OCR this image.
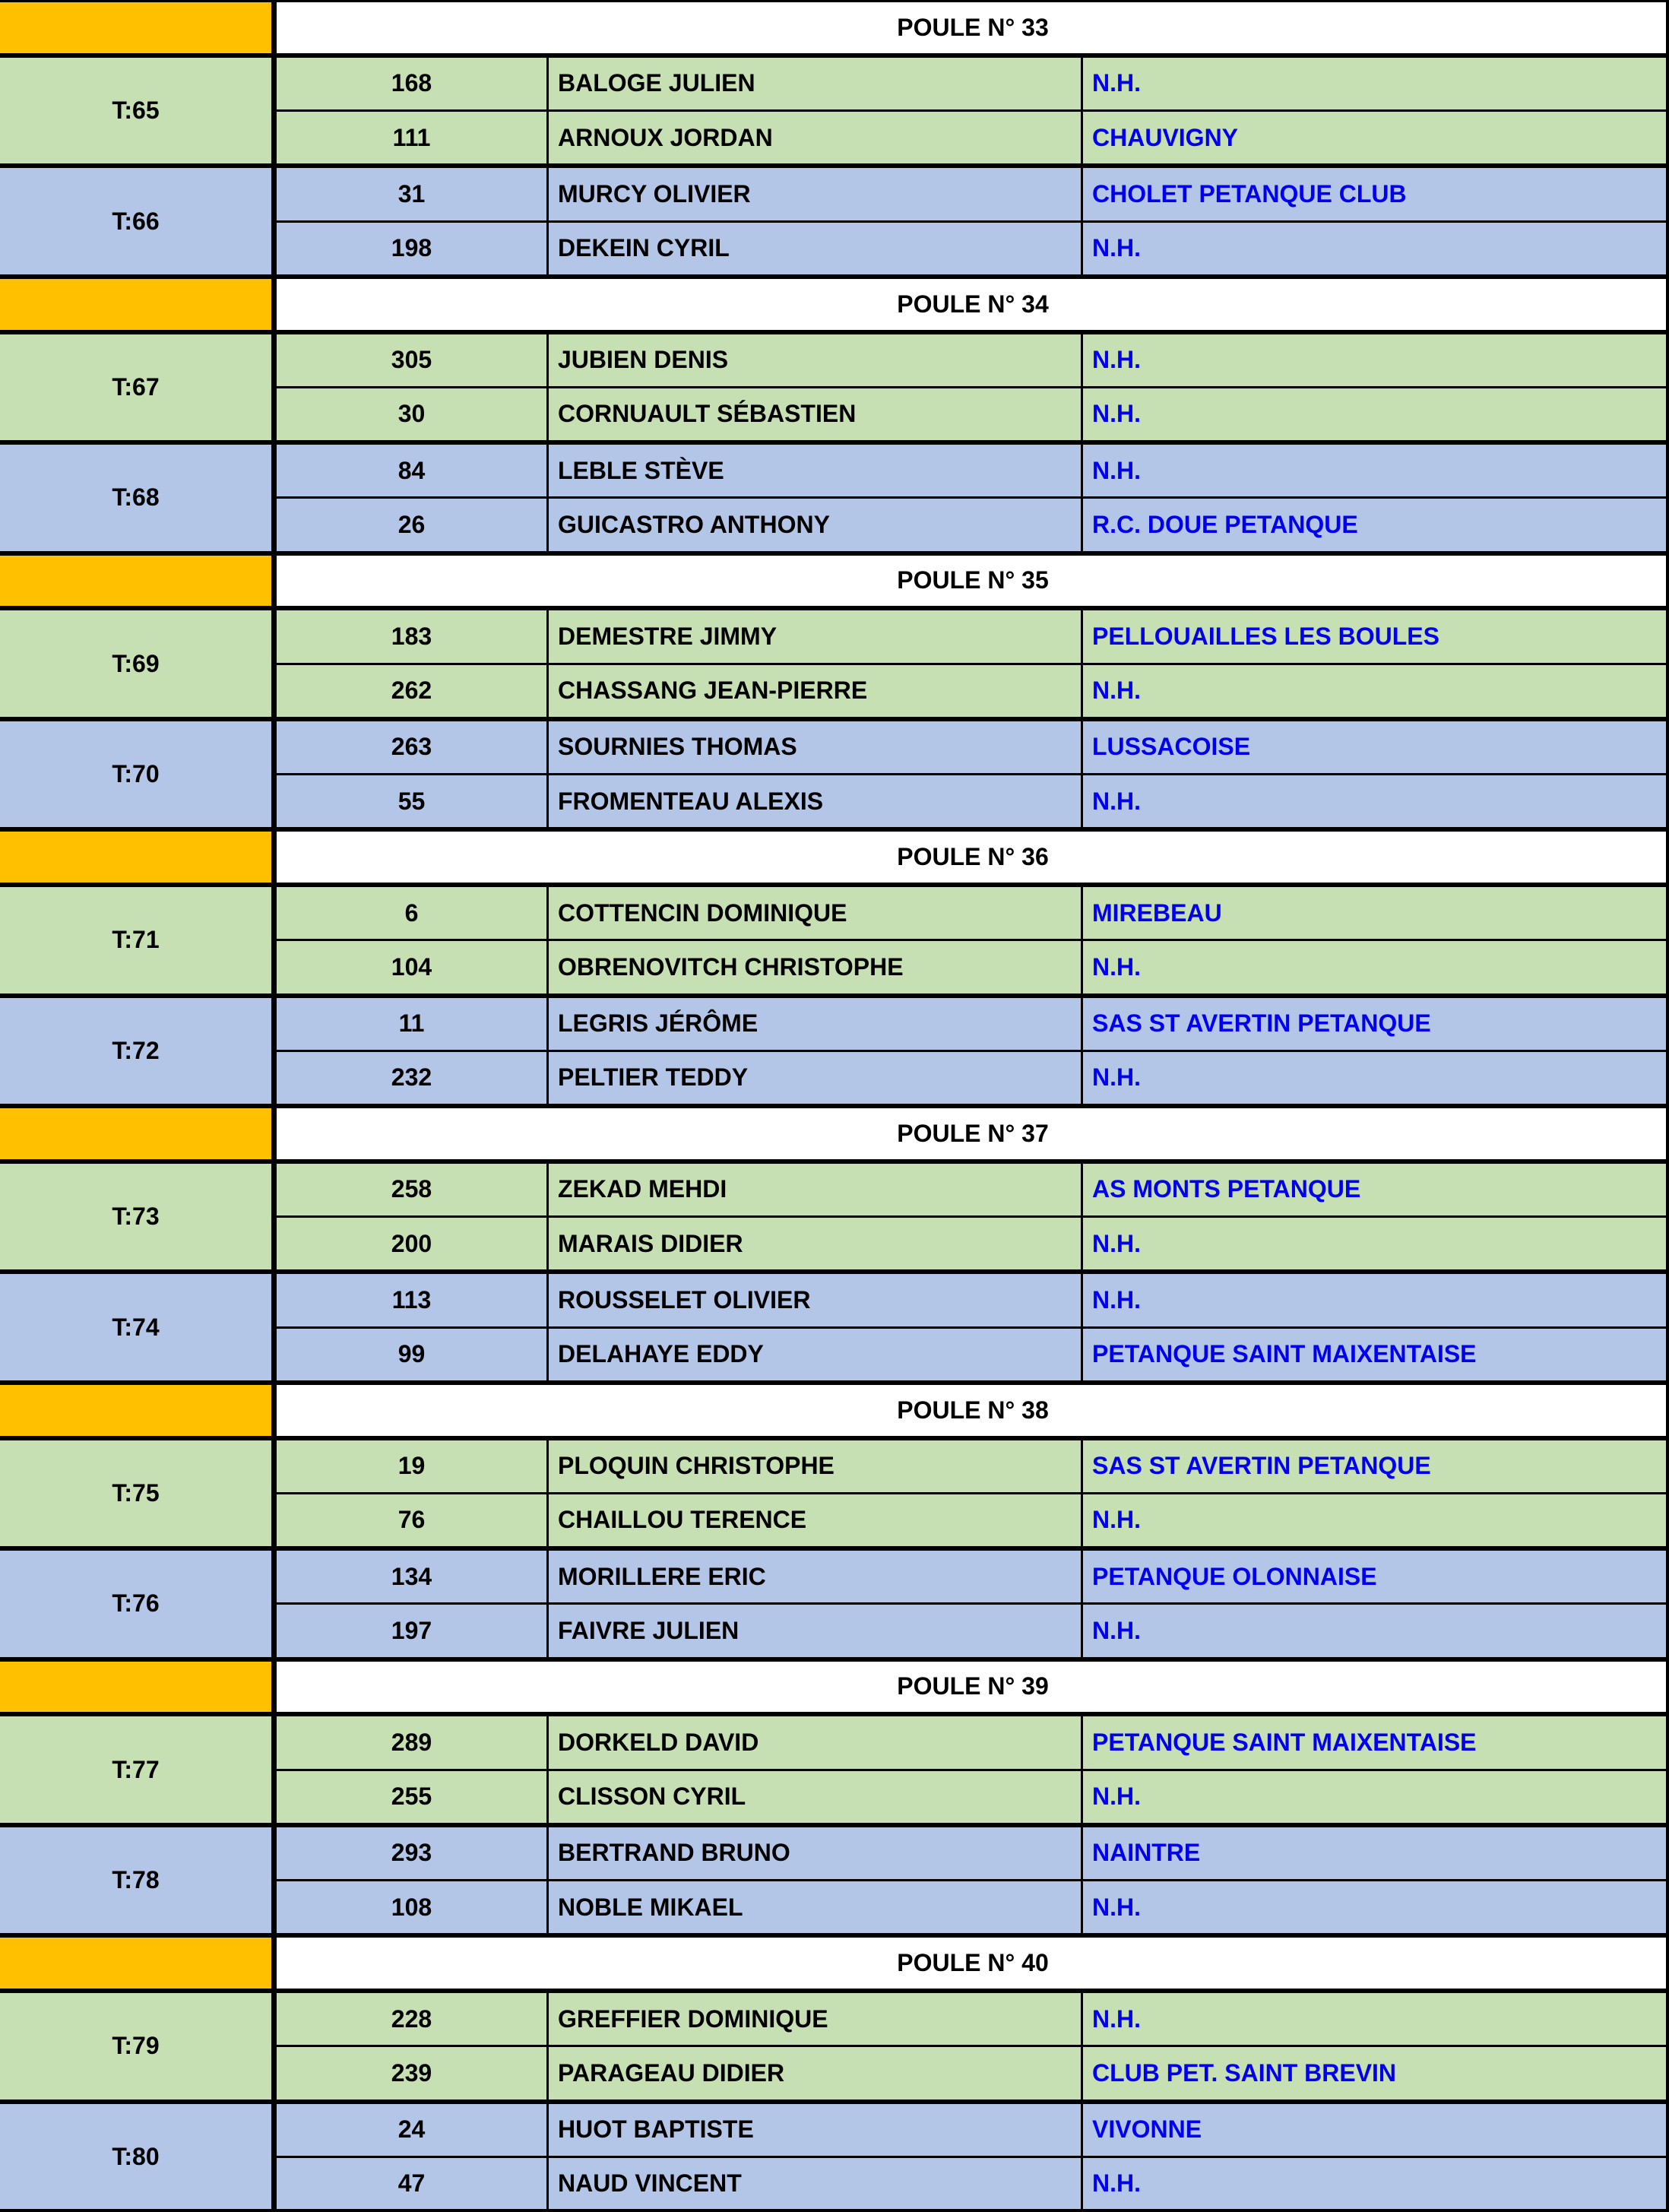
POULE N° 33
T:65
168	BALOGE JULIEN	N.H.
111	ARNOUX JORDAN	CHAUVIGNY
T:66
31	MURCY OLIVIER	CHOLET PETANQUE CLUB
198	DEKEIN CYRIL	N.H.
POULE N° 34
T:67
305	JUBIEN DENIS	N.H.
30	CORNUAULT SÉBASTIEN	N.H.
T:68
84	LEBLE STÈVE	N.H.
26	GUICASTRO ANTHONY	R.C. DOUE PETANQUE
POULE N° 35
T:69
183	DEMESTRE JIMMY	PELLOUAILLES LES BOULES
262	CHASSANG JEAN-PIERRE	N.H.
T:70
263	SOURNIES THOMAS	LUSSACOISE
55	FROMENTEAU ALEXIS	N.H.
POULE N° 36
T:71
6	COTTENCIN DOMINIQUE	MIREBEAU
104	OBRENOVITCH CHRISTOPHE	N.H.
T:72
11	LEGRIS JÉRÔME	SAS ST AVERTIN PETANQUE
232	PELTIER TEDDY	N.H.
POULE N° 37
T:73
258	ZEKAD MEHDI	AS MONTS PETANQUE
200	MARAIS DIDIER	N.H.
T:74
113	ROUSSELET OLIVIER	N.H.
99	DELAHAYE EDDY	PETANQUE SAINT MAIXENTAISE
POULE N° 38
T:75
19	PLOQUIN CHRISTOPHE	SAS ST AVERTIN PETANQUE
76	CHAILLOU TERENCE	N.H.
T:76
134	MORILLERE ERIC	PETANQUE OLONNAISE
197	FAIVRE JULIEN	N.H.
POULE N° 39
T:77
289	DORKELD DAVID	PETANQUE SAINT MAIXENTAISE
255	CLISSON CYRIL	N.H.
T:78
293	BERTRAND BRUNO	NAINTRE
108	NOBLE MIKAEL	N.H.
POULE N° 40
T:79
228	GREFFIER DOMINIQUE	N.H.
239	PARAGEAU DIDIER	CLUB PET. SAINT BREVIN
T:80
24	HUOT BAPTISTE	VIVONNE
47	NAUD VINCENT	N.H.
